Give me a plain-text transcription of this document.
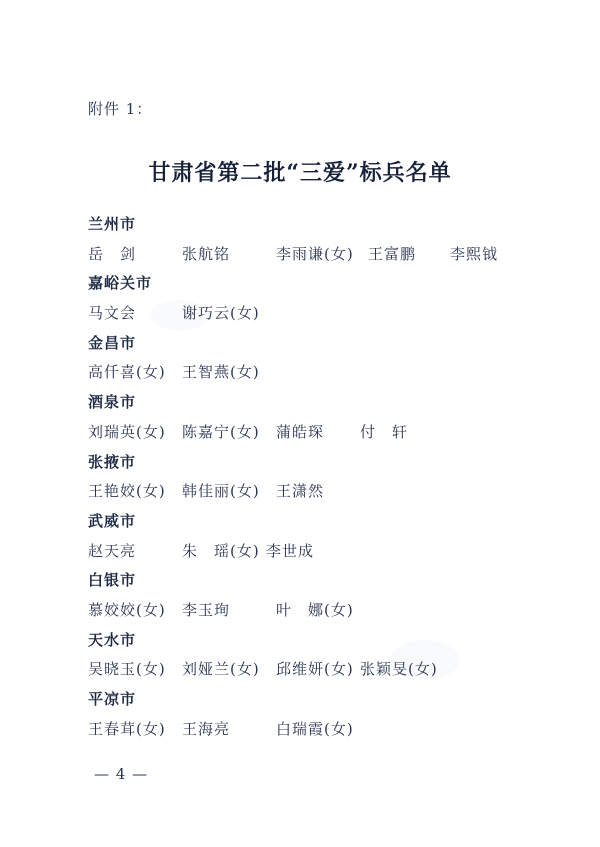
附件 1：
甘肃省第二批“三爱”标兵名单
兰州市
岳　剑	张航铭	李雨谦(女) 王富鹏 李熙钺
嘉峪关市
马文会	谢巧云(女)
金昌市
高仟喜(女) 王智燕(女)
酒泉市
刘瑞英(女) 陈嘉宁(女) 蒲皓琛 付　轩
张掖市
王艳姣(女) 韩佳丽(女) 王潇然
武威市
赵天亮	朱　瑶(女) 李世成
白银市
慕姣姣(女) 李玉珣	叶　娜(女)
天水市
吴晓玉(女) 刘娅兰(女) 邱维妍(女) 张颖旻(女)
平凉市
王春茸(女) 王海亮	白瑞霞(女)
— 4 —
